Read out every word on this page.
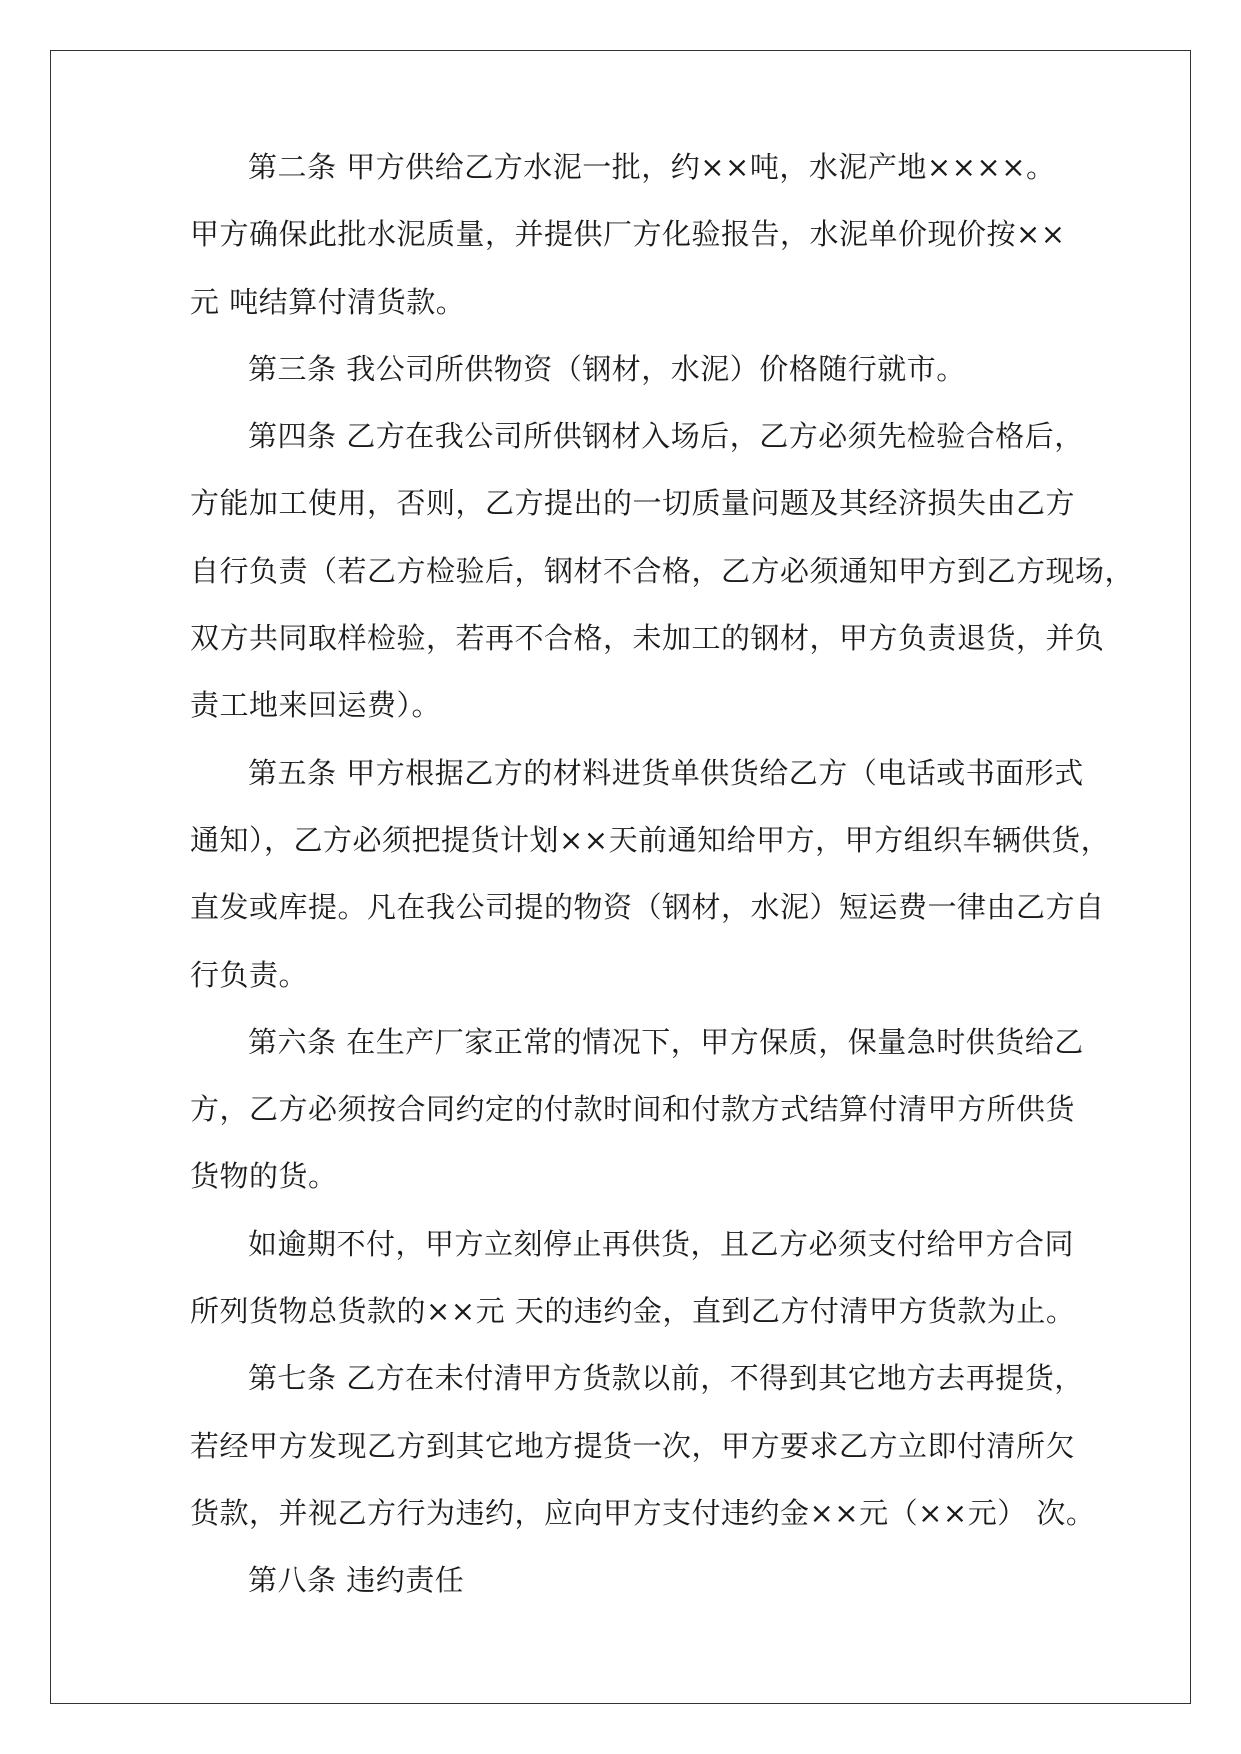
第二条 甲方供给乙方水泥一批，约××吨，水泥产地××××。
甲方确保此批水泥质量，并提供厂方化验报告，水泥单价现价按××
元 吨结算付清货款。
第三条 我公司所供物资（钢材，水泥）价格随行就市。
第四条 乙方在我公司所供钢材入场后，乙方必须先检验合格后，
方能加工使用，否则，乙方提出的一切质量问题及其经济损失由乙方
自行负责（若乙方检验后，钢材不合格，乙方必须通知甲方到乙方现场，
双方共同取样检验，若再不合格，未加工的钢材，甲方负责退货，并负
责工地来回运费）。
第五条 甲方根据乙方的材料进货单供货给乙方（电话或书面形式
通知），乙方必须把提货计划××天前通知给甲方，甲方组织车辆供货，
直发或库提。凡在我公司提的物资（钢材，水泥）短运费一律由乙方自
行负责。
第六条 在生产厂家正常的情况下，甲方保质，保量急时供货给乙
方，乙方必须按合同约定的付款时间和付款方式结算付清甲方所供货
货物的货。
如逾期不付，甲方立刻停止再供货，且乙方必须支付给甲方合同
所列货物总货款的××元 天的违约金，直到乙方付清甲方货款为止。
第七条 乙方在未付清甲方货款以前，不得到其它地方去再提货，
若经甲方发现乙方到其它地方提货一次，甲方要求乙方立即付清所欠
货款，并视乙方行为违约，应向甲方支付违约金××元（××元） 次。
第八条 违约责任
